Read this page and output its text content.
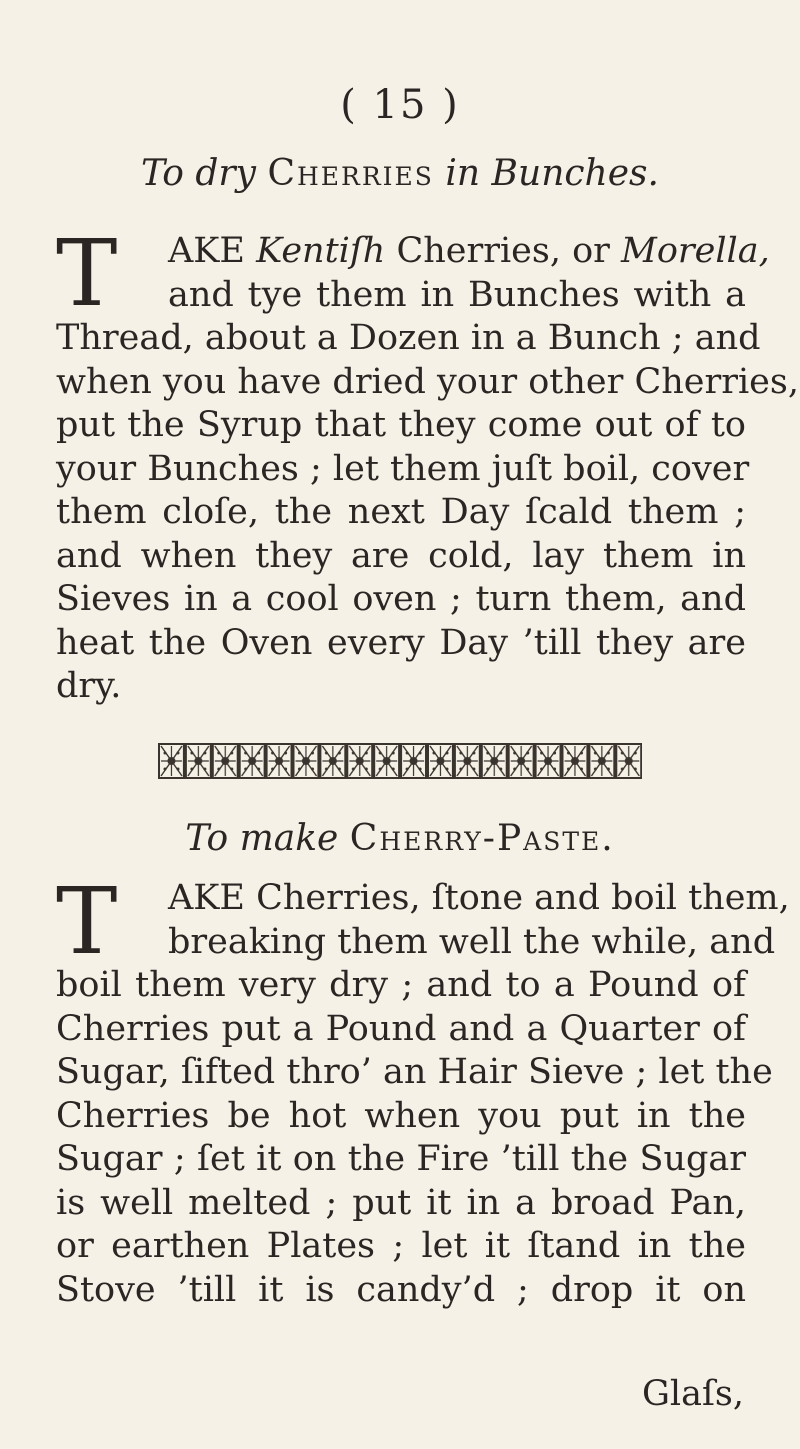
( 15 )
To dry Cherries in Bunches.
T	AKE Kentiſh Cherries, or Morella,
and tye them in Bunches with a
Thread, about a Dozen in a Bunch ; and
when you have dried your other Cherries,
put the Syrup that they come out of to
your Bunches ; let them juſt boil, cover
them cloſe, the next Day ſcald them ;
and when they are cold, lay them in
Sieves in a cool oven ; turn them, and
heat the Oven every Day ’till they are
dry.
To make Cherry-Paste.
T	AKE Cherries, ſtone and boil them,
breaking them well the while, and
boil them very dry ; and to a Pound of
Cherries put a Pound and a Quarter of
Sugar, ſifted thro’ an Hair Sieve ; let the
Cherries be hot when you put in the
Sugar ; ſet it on the Fire ’till the Sugar
is well melted ; put it in a broad Pan,
or earthen Plates ; let it ſtand in the
Stove ’till it is candy’d ; drop it on
Glaſs,
